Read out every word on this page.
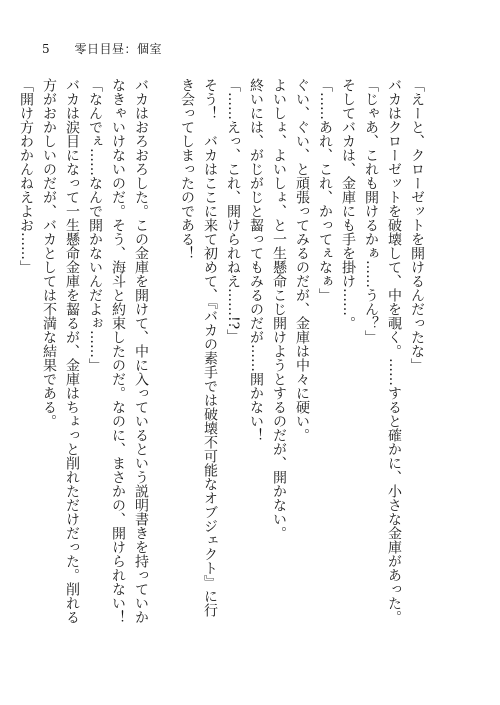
5 零日目昼：個室
「えーと、クローゼットを開けるんだったな」
バカはクローゼットを破壊して、中を覗く。……すると確かに、小さな金庫があった。
「じゃあ、これも開けるかぁ……うん？」
そしてバカは、金庫にも手を掛け……。
「……あれ、これ、かってぇなぁ」
ぐい、ぐい、と頑張ってみるのだが、金庫は中々に硬い。
よいしょ、よいしょ、と一生懸命こじ開けようとするのだが、開かない。
終いには、がじがじと齧ってもみるのだが……開かない！
「……えっ、これ、開けられねえ……!?」
そう！　バカはここに来て初めて、『バカの素手では破壊不可能なオブジェクト』に行
き会ってしまったのである！
バカはおろおろした。この金庫を開けて、中に入っているという説明書きを持っていか
なきゃいけないのだ。そう、海斗と約束したのだ。なのに、まさかの、開けられない！
「なんでぇ……なんで開かないんだよぉ……」
バカは涙目になって一生懸命金庫を齧るが、金庫はちょっと削れただけだった。削れる
方がおかしいのだが、バカとしては不満な結果である。
「開け方わかんねえよお……」
